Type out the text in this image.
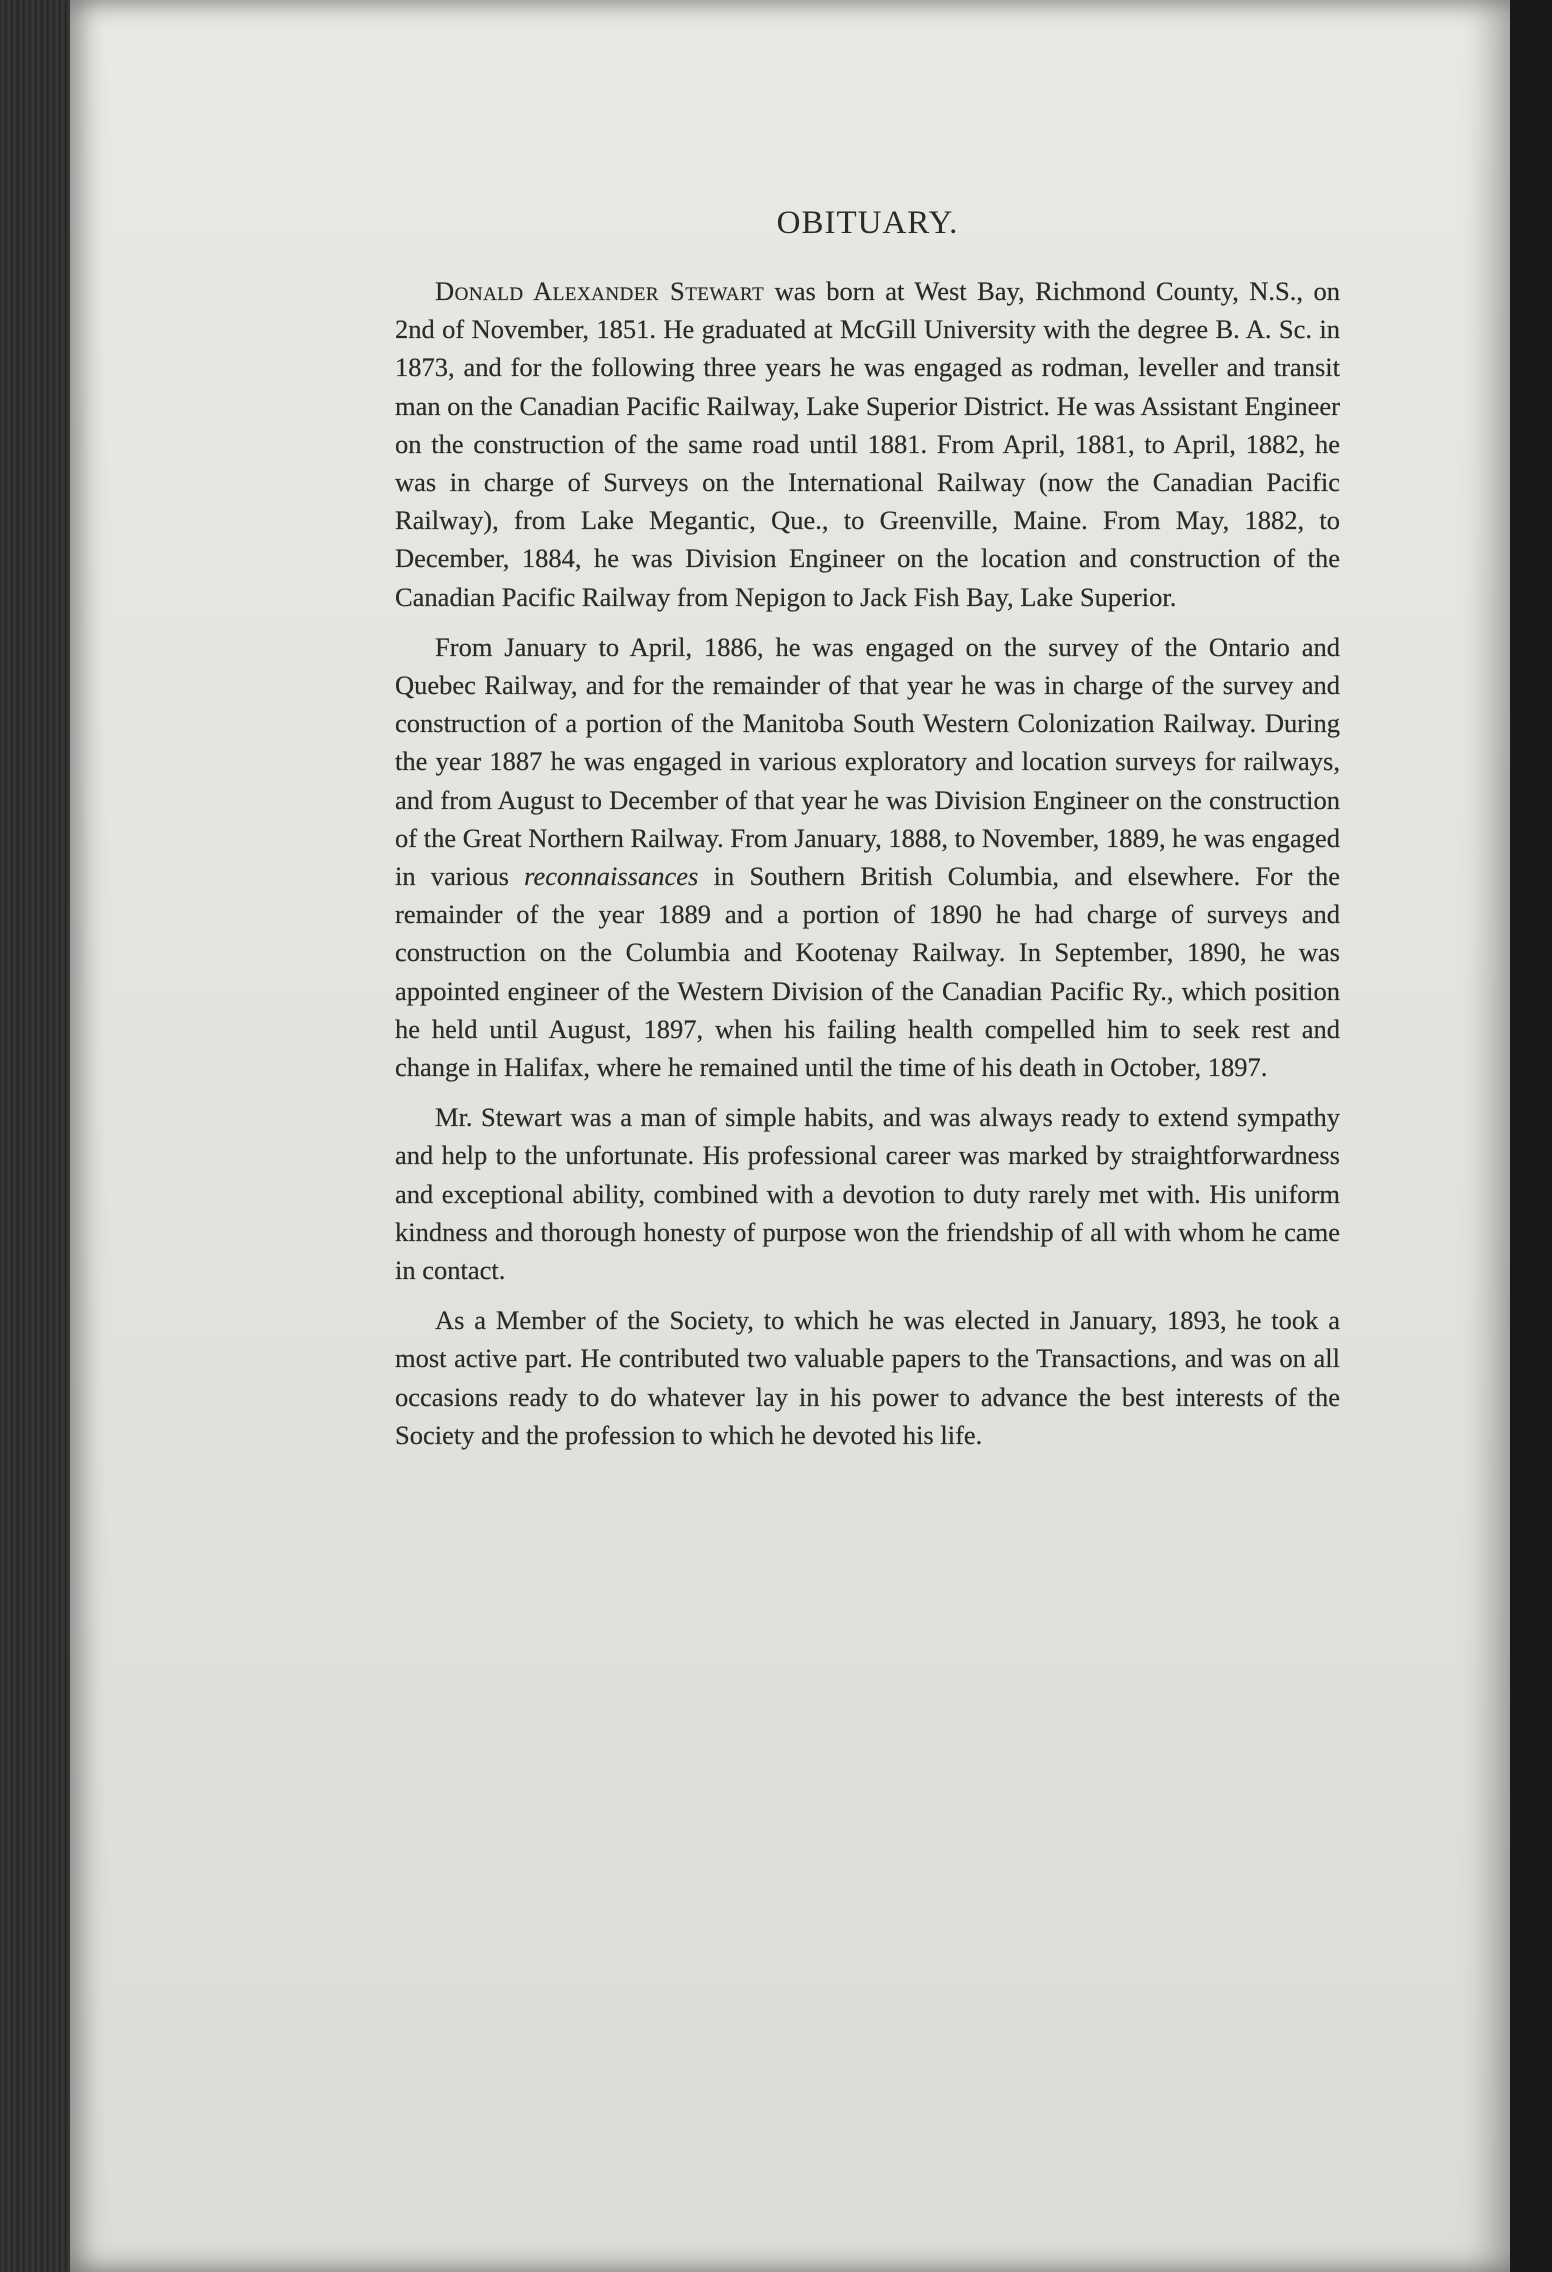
OBITUARY.

Donald Alexander Stewart was born at West Bay, Richmond County, N.S., on 2nd of November, 1851. He graduated at McGill University with the degree B. A. Sc. in 1873, and for the following three years he was engaged as rodman, leveller and transit man on the Canadian Pacific Railway, Lake Superior District. He was Assistant Engineer on the construction of the same road until 1881. From April, 1881, to April, 1882, he was in charge of Surveys on the International Railway (now the Canadian Pacific Railway), from Lake Megantic, Que., to Greenville, Maine. From May, 1882, to December, 1884, he was Division Engineer on the location and construction of the Canadian Pacific Railway from Nepigon to Jack Fish Bay, Lake Superior.

From January to April, 1886, he was engaged on the survey of the Ontario and Quebec Railway, and for the remainder of that year he was in charge of the survey and construction of a portion of the Manitoba South Western Colonization Railway. During the year 1887 he was engaged in various exploratory and location surveys for railways, and from August to December of that year he was Division Engineer on the construction of the Great Northern Railway. From January, 1888, to November, 1889, he was engaged in various reconnaissances in Southern British Columbia, and elsewhere. For the remainder of the year 1889 and a portion of 1890 he had charge of surveys and construction on the Columbia and Kootenay Railway. In September, 1890, he was appointed engineer of the Western Division of the Canadian Pacific Ry., which position he held until August, 1897, when his failing health compelled him to seek rest and change in Halifax, where he remained until the time of his death in October, 1897.

Mr. Stewart was a man of simple habits, and was always ready to extend sympathy and help to the unfortunate. His professional career was marked by straightforwardness and exceptional ability, combined with a devotion to duty rarely met with. His uniform kindness and thorough honesty of purpose won the friendship of all with whom he came in contact.

As a Member of the Society, to which he was elected in January, 1893, he took a most active part. He contributed two valuable papers to the Transactions, and was on all occasions ready to do whatever lay in his power to advance the best interests of the Society and the profession to which he devoted his life.
